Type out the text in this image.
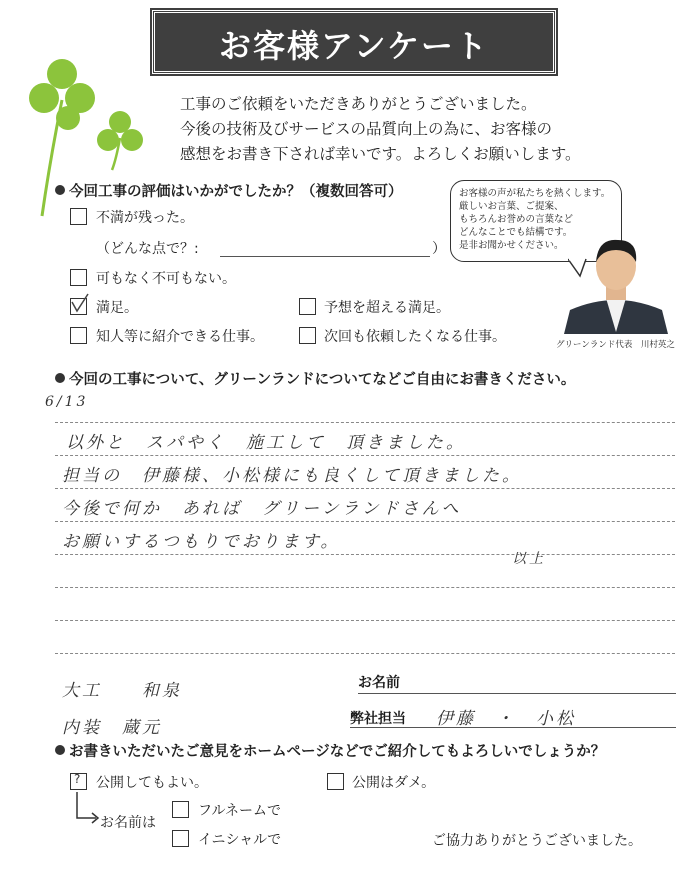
お客様アンケート
工事のご依頼をいただきありがとうございました。
今後の技術及びサービスの品質向上の為に、お客様の
感想をお書き下されば幸いです。よろしくお願いします。
今回工事の評価はいかがでしたか？（複数回答可）
不満が残った。
（どんな点で？:	）
可もなく不可もない。
満足。	予想を超える満足。
知人等に紹介できる仕事。	次回も依頼したくなる仕事。
お客様の声が私たちを熱くします。
厳しいお言葉、ご提案、
もちろんお誉めの言葉など
どんなことでも結構です。
是非お聞かせください。
グリーンランド代表　川村英之
今回の工事について、グリーンランドについてなどご自由にお書きください。
6/13
以外と　スパやく　施工して　頂きました。
担当の　伊藤様、小松様にも良くして頂きました。
今後で何か　あれば　グリーンランドさんへ
お願いするつもりでおります。
以上
大工　　和泉
内装　蔵元
お名前
弊社担当 伊藤　・　小松
お書きいただいたご意見をホームページなどでご紹介してもよろしいでしょうか？
? 公開してもよい。	公開はダメ。
お名前は
フルネームで
イニシャルで	ご協力ありがとうございました。
